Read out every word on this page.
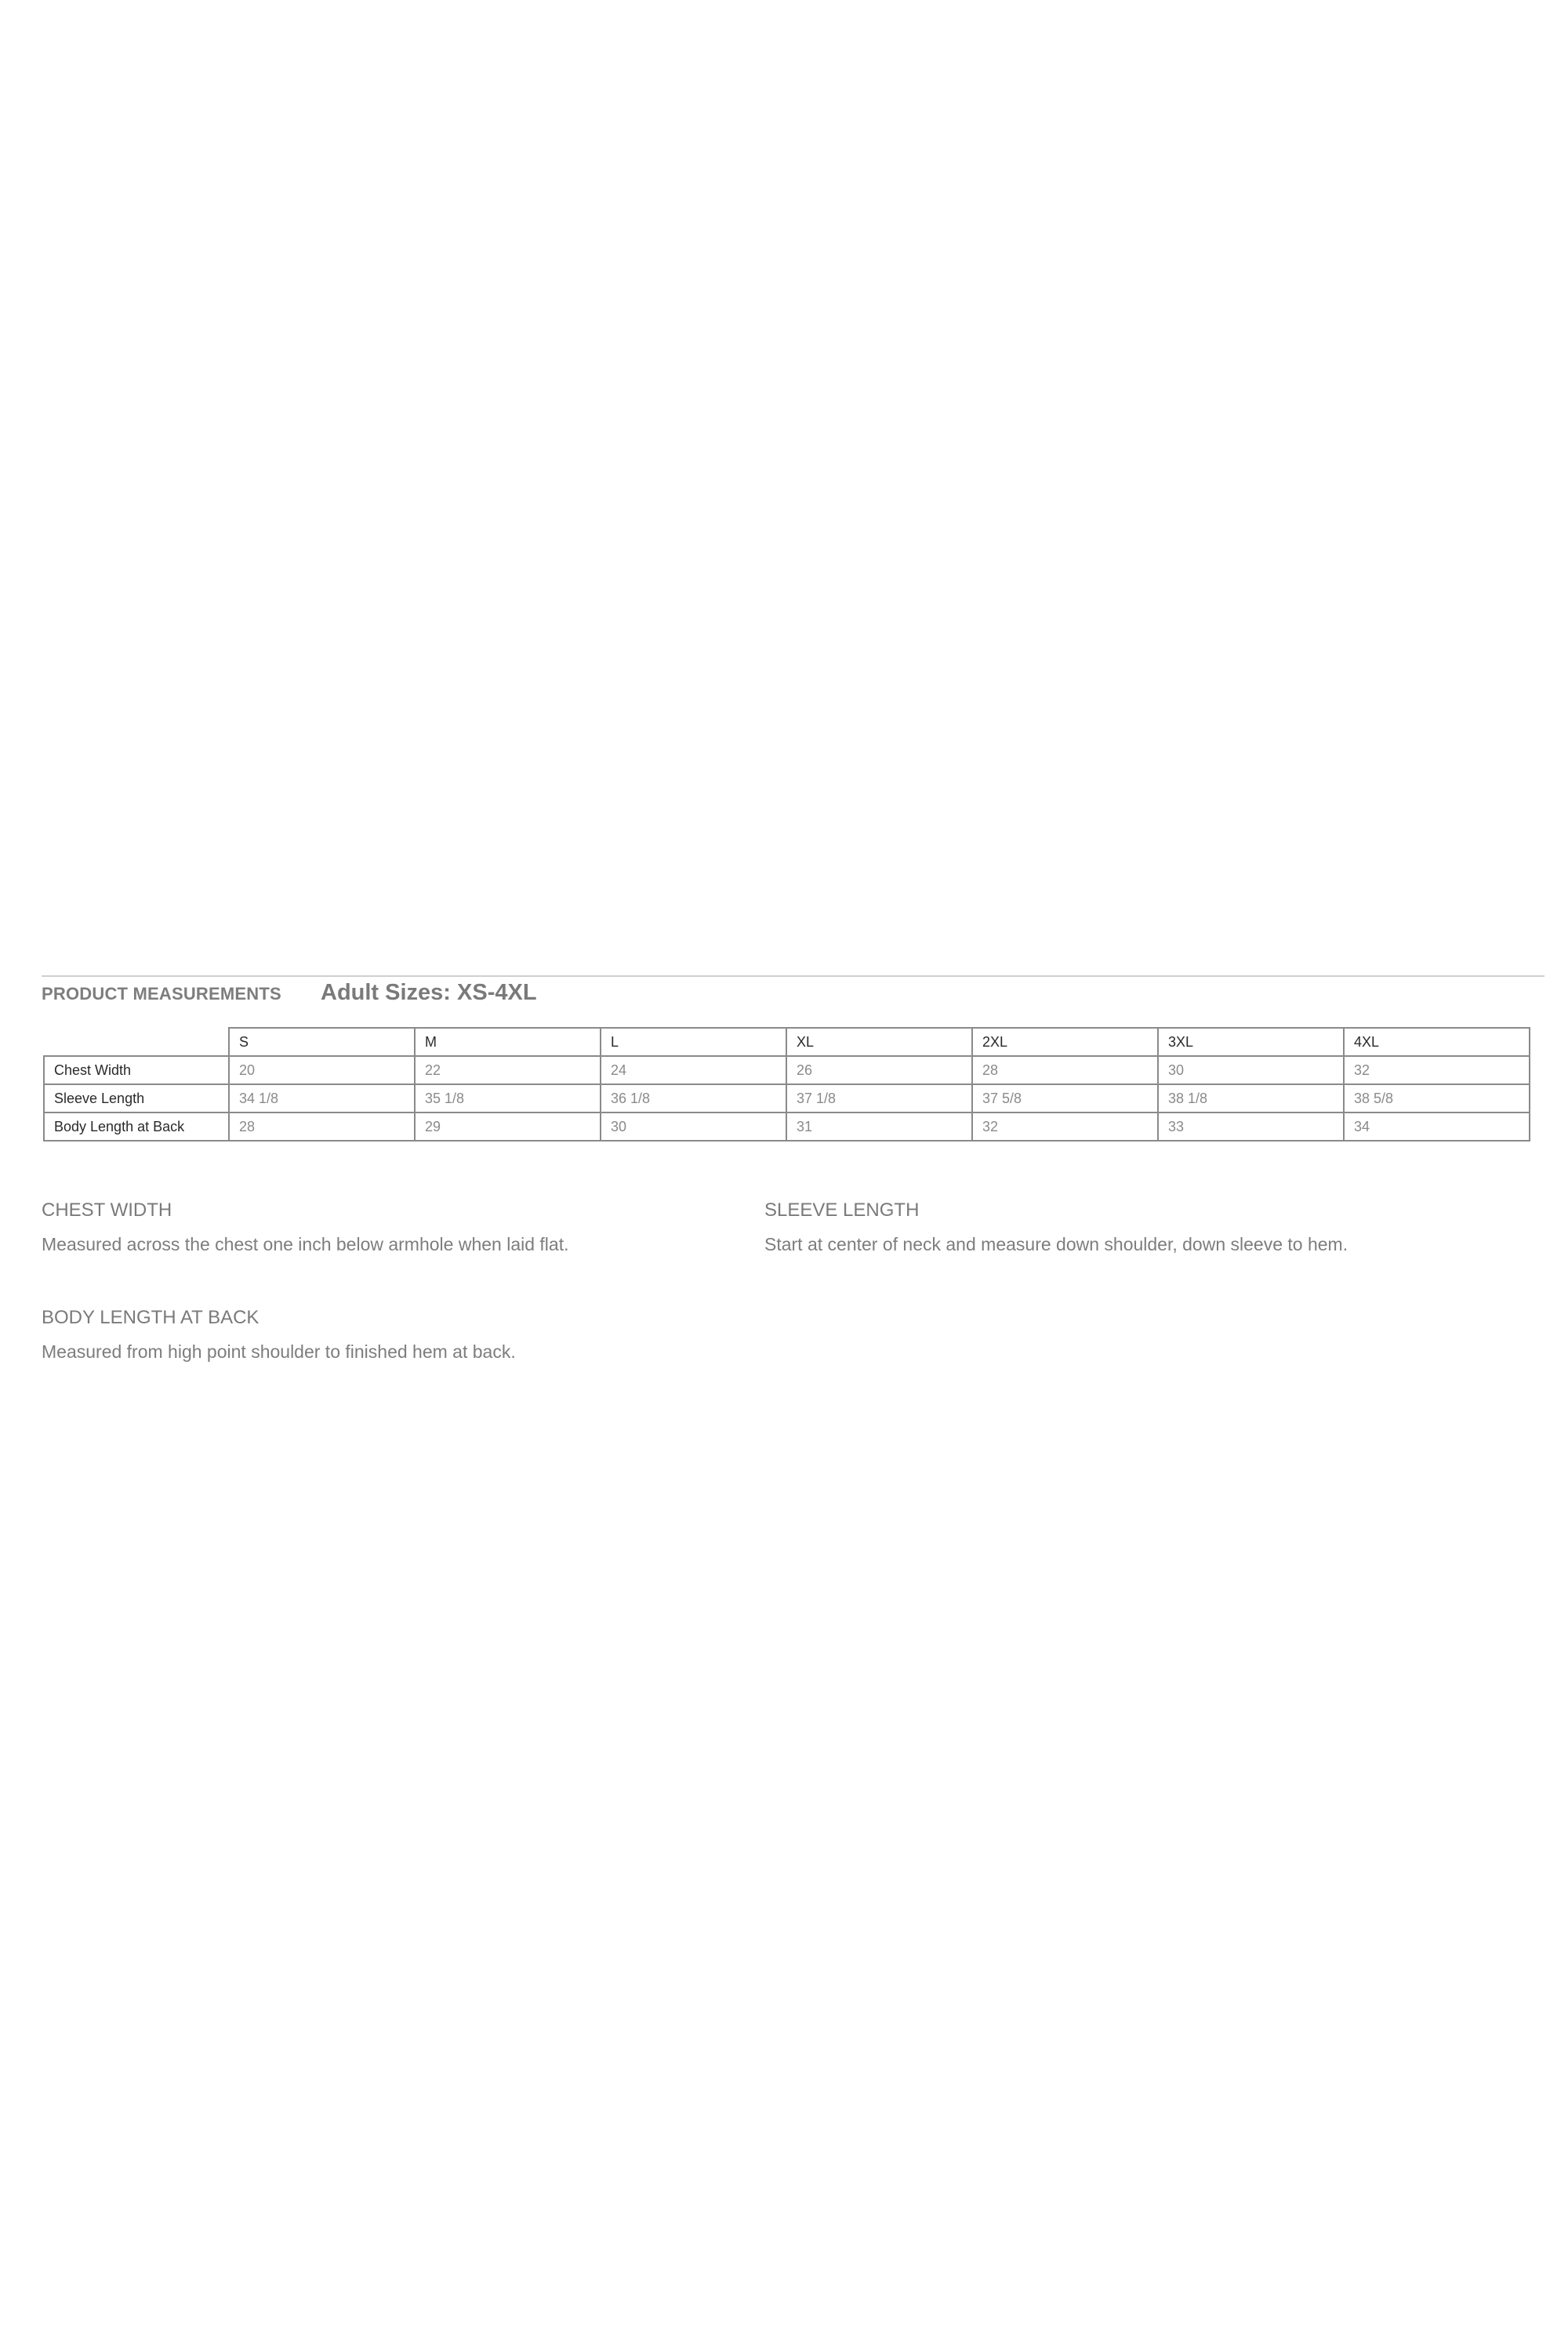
PRODUCT MEASUREMENTS Adult Sizes: XS-4XL
	S	M	L	XL	2XL	3XL	4XL
Chest Width	20	22	24	26	28	30	32
Sleeve Length	34 1/8	35 1/8	36 1/8	37 1/8	37 5/8	38 1/8	38 5/8
Body Length at Back	28	29	30	31	32	33	34

CHEST WIDTH

Measured across the chest one inch below armhole when laid flat.

SLEEVE LENGTH

Start at center of neck and measure down shoulder, down sleeve to hem.

BODY LENGTH AT BACK

Measured from high point shoulder to finished hem at back.
